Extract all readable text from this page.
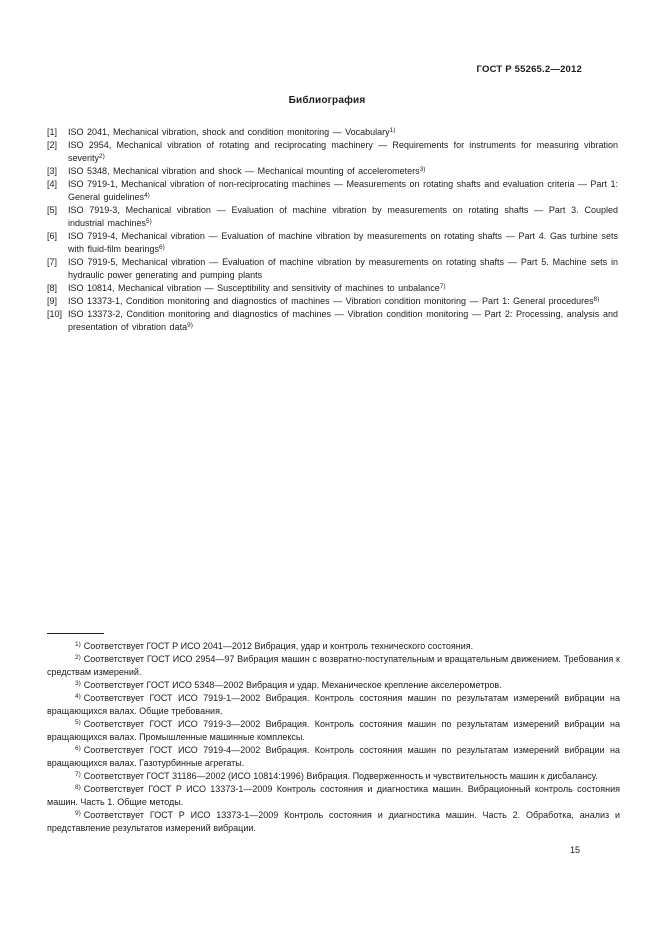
ГОСТ Р 55265.2—2012
Библиография
[1]	ISO 2041, Mechanical vibration, shock and condition monitoring — Vocabulary$^{1)}$
[2]	ISO 2954, Mechanical vibration of rotating and reciprocating machinery — Requirements for instruments for measuring vibration severity$^{2)}$
[3]	ISO 5348, Mechanical vibration and shock — Mechanical mounting of accelerometers$^{3)}$
[4]	ISO 7919-1, Mechanical vibration of non-reciprocating machines — Measurements on rotating shafts and evaluation criteria — Part 1: General guidelines$^{4)}$
[5]	ISO 7919-3, Mechanical vibration — Evaluation of machine vibration by measurements on rotating shafts — Part 3. Coupled industrial machines$^{5)}$
[6]	ISO 7919-4, Mechanical vibration — Evaluation of machine vibration by measurements on rotating shafts — Part 4. Gas turbine sets with fluid-film bearings$^{6)}$
[7]	ISO 7919-5, Mechanical vibration — Evaluation of machine vibration by measurements on rotating shafts — Part 5. Machine sets in hydraulic power generating and pumping plants
[8]	ISO 10814, Mechanical vibration — Susceptibility and sensitivity of machines to unbalance$^{7)}$
[9]	ISO 13373-1, Condition monitoring and diagnostics of machines — Vibration condition monitoring — Part 1: General procedures$^{8)}$
[10] ISO 13373-2, Condition monitoring and diagnostics of machines — Vibration condition monitoring — Part 2: Processing, analysis and presentation of vibration data$^{9)}$

$^{1)}$ Соответствует ГОСТ Р ИСО 2041—2012 Вибрация, удар и контроль технического состояния.

$^{2)}$ Соответствует ГОСТ ИСО 2954—97 Вибрация машин с возвратно-поступательным и вращательным движением. Требования к средствам измерений.

$^{3)}$ Соответствует ГОСТ ИСО 5348—2002 Вибрация и удар. Механическое крепление акселерометров.

$^{4)}$ Соответствует ГОСТ ИСО 7919-1—2002 Вибрация. Контроль состояния машин по результатам измерений вибрации на вращающихся валах. Общие требования.

$^{5)}$ Соответствует ГОСТ ИСО 7919-3—2002 Вибрация. Контроль состояния машин по результатам измерений вибрации на вращающихся валах. Промышленные машинные комплексы.

$^{6)}$ Соответствует ГОСТ ИСО 7919-4—2002 Вибрация. Контроль состояния машин по результатам измерений вибрации на вращающихся валах. Газотурбинные агрегаты.

$^{7)}$ Соответствует ГОСТ 31186—2002 (ИСО 10814:1996) Вибрация. Подверженность и чувствительность машин к дисбалансу.

$^{8)}$ Соответствует ГОСТ Р ИСО 13373-1—2009 Контроль состояния и диагностика машин. Вибрационный контроль состояния машин. Часть 1. Общие методы.

$^{9)}$ Соответствует ГОСТ Р ИСО 13373-1—2009 Контроль состояния и диагностика машин. Часть 2. Обработка, анализ и представление результатов измерений вибрации.

15
